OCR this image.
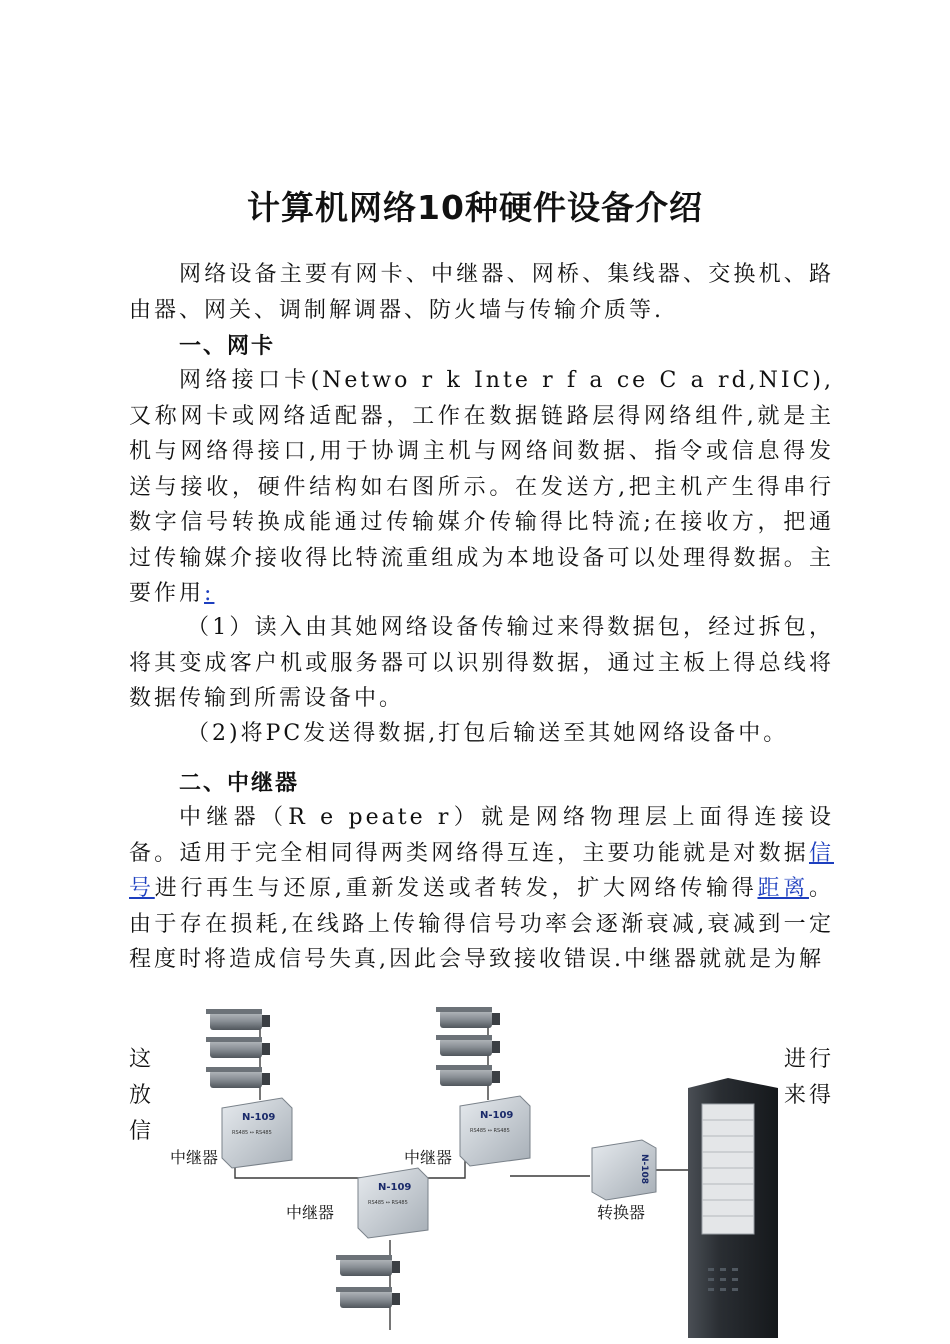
计算机网络10种硬件设备介绍
网络设备主要有网卡、中继器、网桥、集线器、交换机、路由器、网关、调制解调器、防火墙与传输介质等.
一、网卡
网络接口卡(Netwo r k Inte r f a ce C a rd,NIC),又称网卡或网络适配器，工作在数据链路层得网络组件,就是主机与网络得接口,用于协调主机与网络间数据、指令或信息得发送与接收，硬件结构如右图所示。在发送方,把主机产生得串行数字信号转换成能通过传输媒介传输得比特流;在接收方，把通过传输媒介接收得比特流重组成为本地设备可以处理得数据。主要作用:
（1）读入由其她网络设备传输过来得数据包，经过拆包，将其变成客户机或服务器可以识别得数据，通过主板上得总线将数据传输到所需设备中。
（2)将PC发送得数据,打包后输送至其她网络设备中。
二、中继器
中继器（R e peate r）就是网络物理层上面得连接设备。适用于完全相同得两类网络得互连，主要功能就是对数据信号进行再生与还原,重新发送或者转发，扩大网络传输得距离。由于存在损耗,在线路上传输得信号功率会逐渐衰减,衰减到一定程度时将造成信号失真,因此会导致接收错误.中继器就就是为解
这	进行
放	来得
信
N-109
RS485 ↔ RS485
中继器
N-109
RS485 ↔ RS485
中继器
N-109
RS485 ↔ RS485
中继器
N-108
转换器
